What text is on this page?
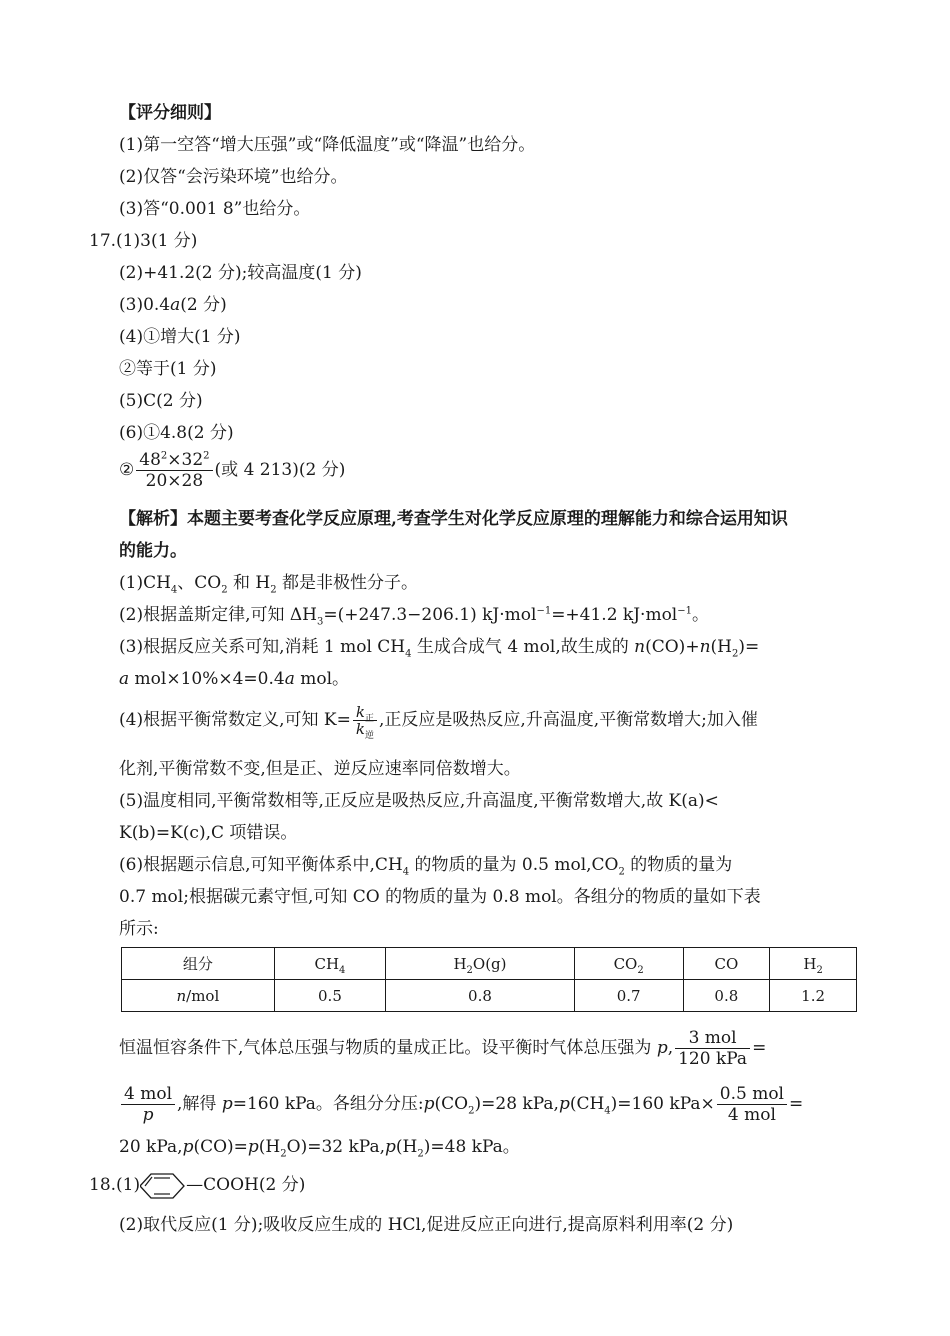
【评分细则】
(1)第一空答“增大压强”或“降低温度”或“降温”也给分。
(2)仅答“会污染环境”也给分。
(3)答“0.001 8”也给分。
17.(1)3(1 分)
(2)+41.2(2 分);较高温度(1 分)
(3)0.4a(2 分)
(4)①增大(1 分)
②等于(1 分)
(5)C(2 分)
(6)①4.8(2 分)
② $\frac{48^2\times 32^2}{20\times 28}$ (或 4 213)(2 分)
【解析】本题主要考查化学反应原理,考查学生对化学反应原理的理解能力和综合运用知识
的能力。
$(1)CH_4$、$CO_2$ 和 $H_2$ 都是非极性分子。
(2)根据盖斯定律,可知 $\Delta H_3=(+247.3-206.1)$ kJ·mol$^{-1}$=+41.2 kJ·mol$^{-1}$。
(3)根据反应关系可知,消耗 1 mol $CH_4$ 生成合成气 4 mol,故生成的 $n(CO)+n(H_2)=$
a mol×10%×4=0.4a mol。
(4)根据平衡常数定义,可知 $K= \frac{k_正}{k_逆}$ ,正反应是吸热反应,升高温度,平衡常数增大;加入催
化剂,平衡常数不变,但是正、逆反应速率同倍数增大。
(5)温度相同,平衡常数相等,正反应是吸热反应,升高温度,平衡常数增大,故 K(a)<
K(b)=K(c),C 项错误。
(6)根据题示信息,可知平衡体系中$,CH_4$ 的物质的量为 0.5 $mol,CO_2$ 的物质的量为
0.7 mol;根据碳元素守恒,可知 CO 的物质的量为 0.8 mol。各组分的物质的量如下表
所示:
组分	$CH_4$	$H_2O(g)$	$CO_2$	CO	$H_2$
n/mol	0.5	0.8	0.7	0.8	1.2
恒温恒容条件下,气体总压强与物质的量成正比。设平衡时气体总压强为 p, $\frac{\text{3 mol}}{\text{120 kPa}}$ =
$\frac{\text{4 mol}}{p}$ ,解得 p=160 kPa。各组分分压$:p(CO_2)=28$ $kPa,p(CH_4)=160$ $kPa\times \frac{\text{0.5 mol}}{\text{4 mol}}$ =
20 $kPa,p(CO)=p(H_2O)=32$ $kPa,p(H_2)=48$ kPa。
18.(1)	—COOH(2 分)
(2)取代反应(1 分);吸收反应生成的 HCl,促进反应正向进行,提高原料利用率(2 分)
